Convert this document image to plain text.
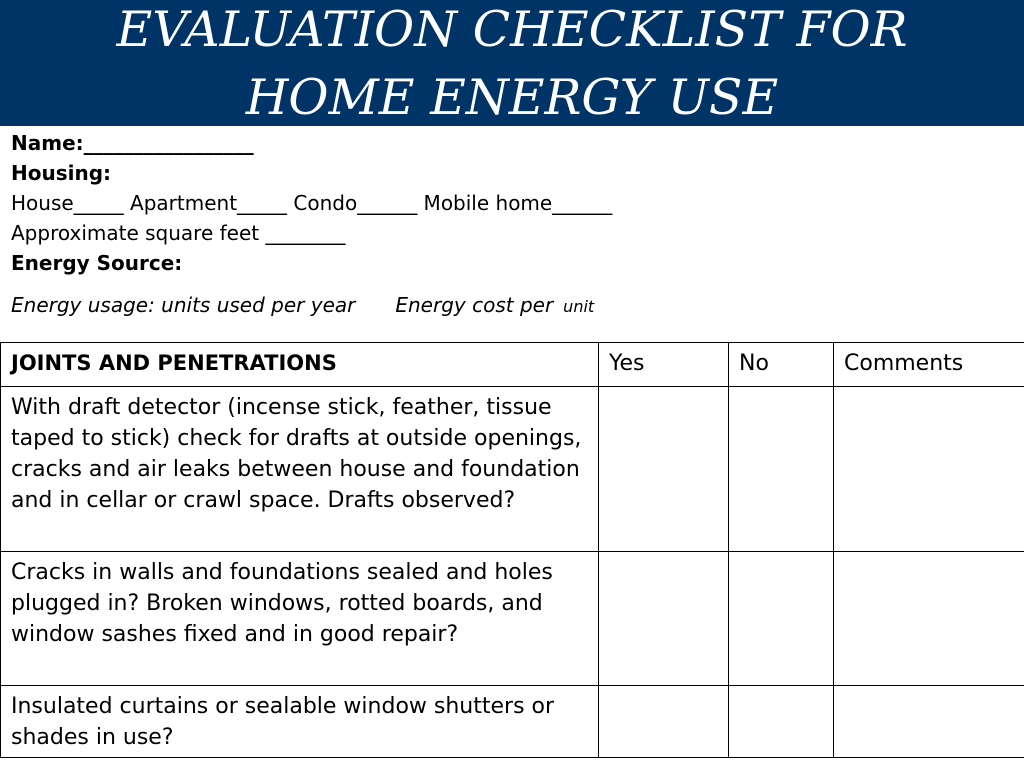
EVALUATION CHECKLIST FOR
HOME ENERGY USE
Name:_________________
Housing:
House_____ Apartment_____ Condo______ Mobile home______
Approximate square feet ________
Energy Source:
Energy usage: units used per year Energy cost per unit
JOINTS AND PENETRATIONS	Yes	No	Comments
With draft detector (incense stick, feather, tissue taped to stick) check for drafts at outside openings, cracks and air leaks between house and foundation and in cellar or crawl space. Drafts observed?			
Cracks in walls and foundations sealed and holes plugged in? Broken windows, rotted boards, and window sashes fixed and in good repair?			
Insulated curtains or sealable window shutters or shades in use?			
